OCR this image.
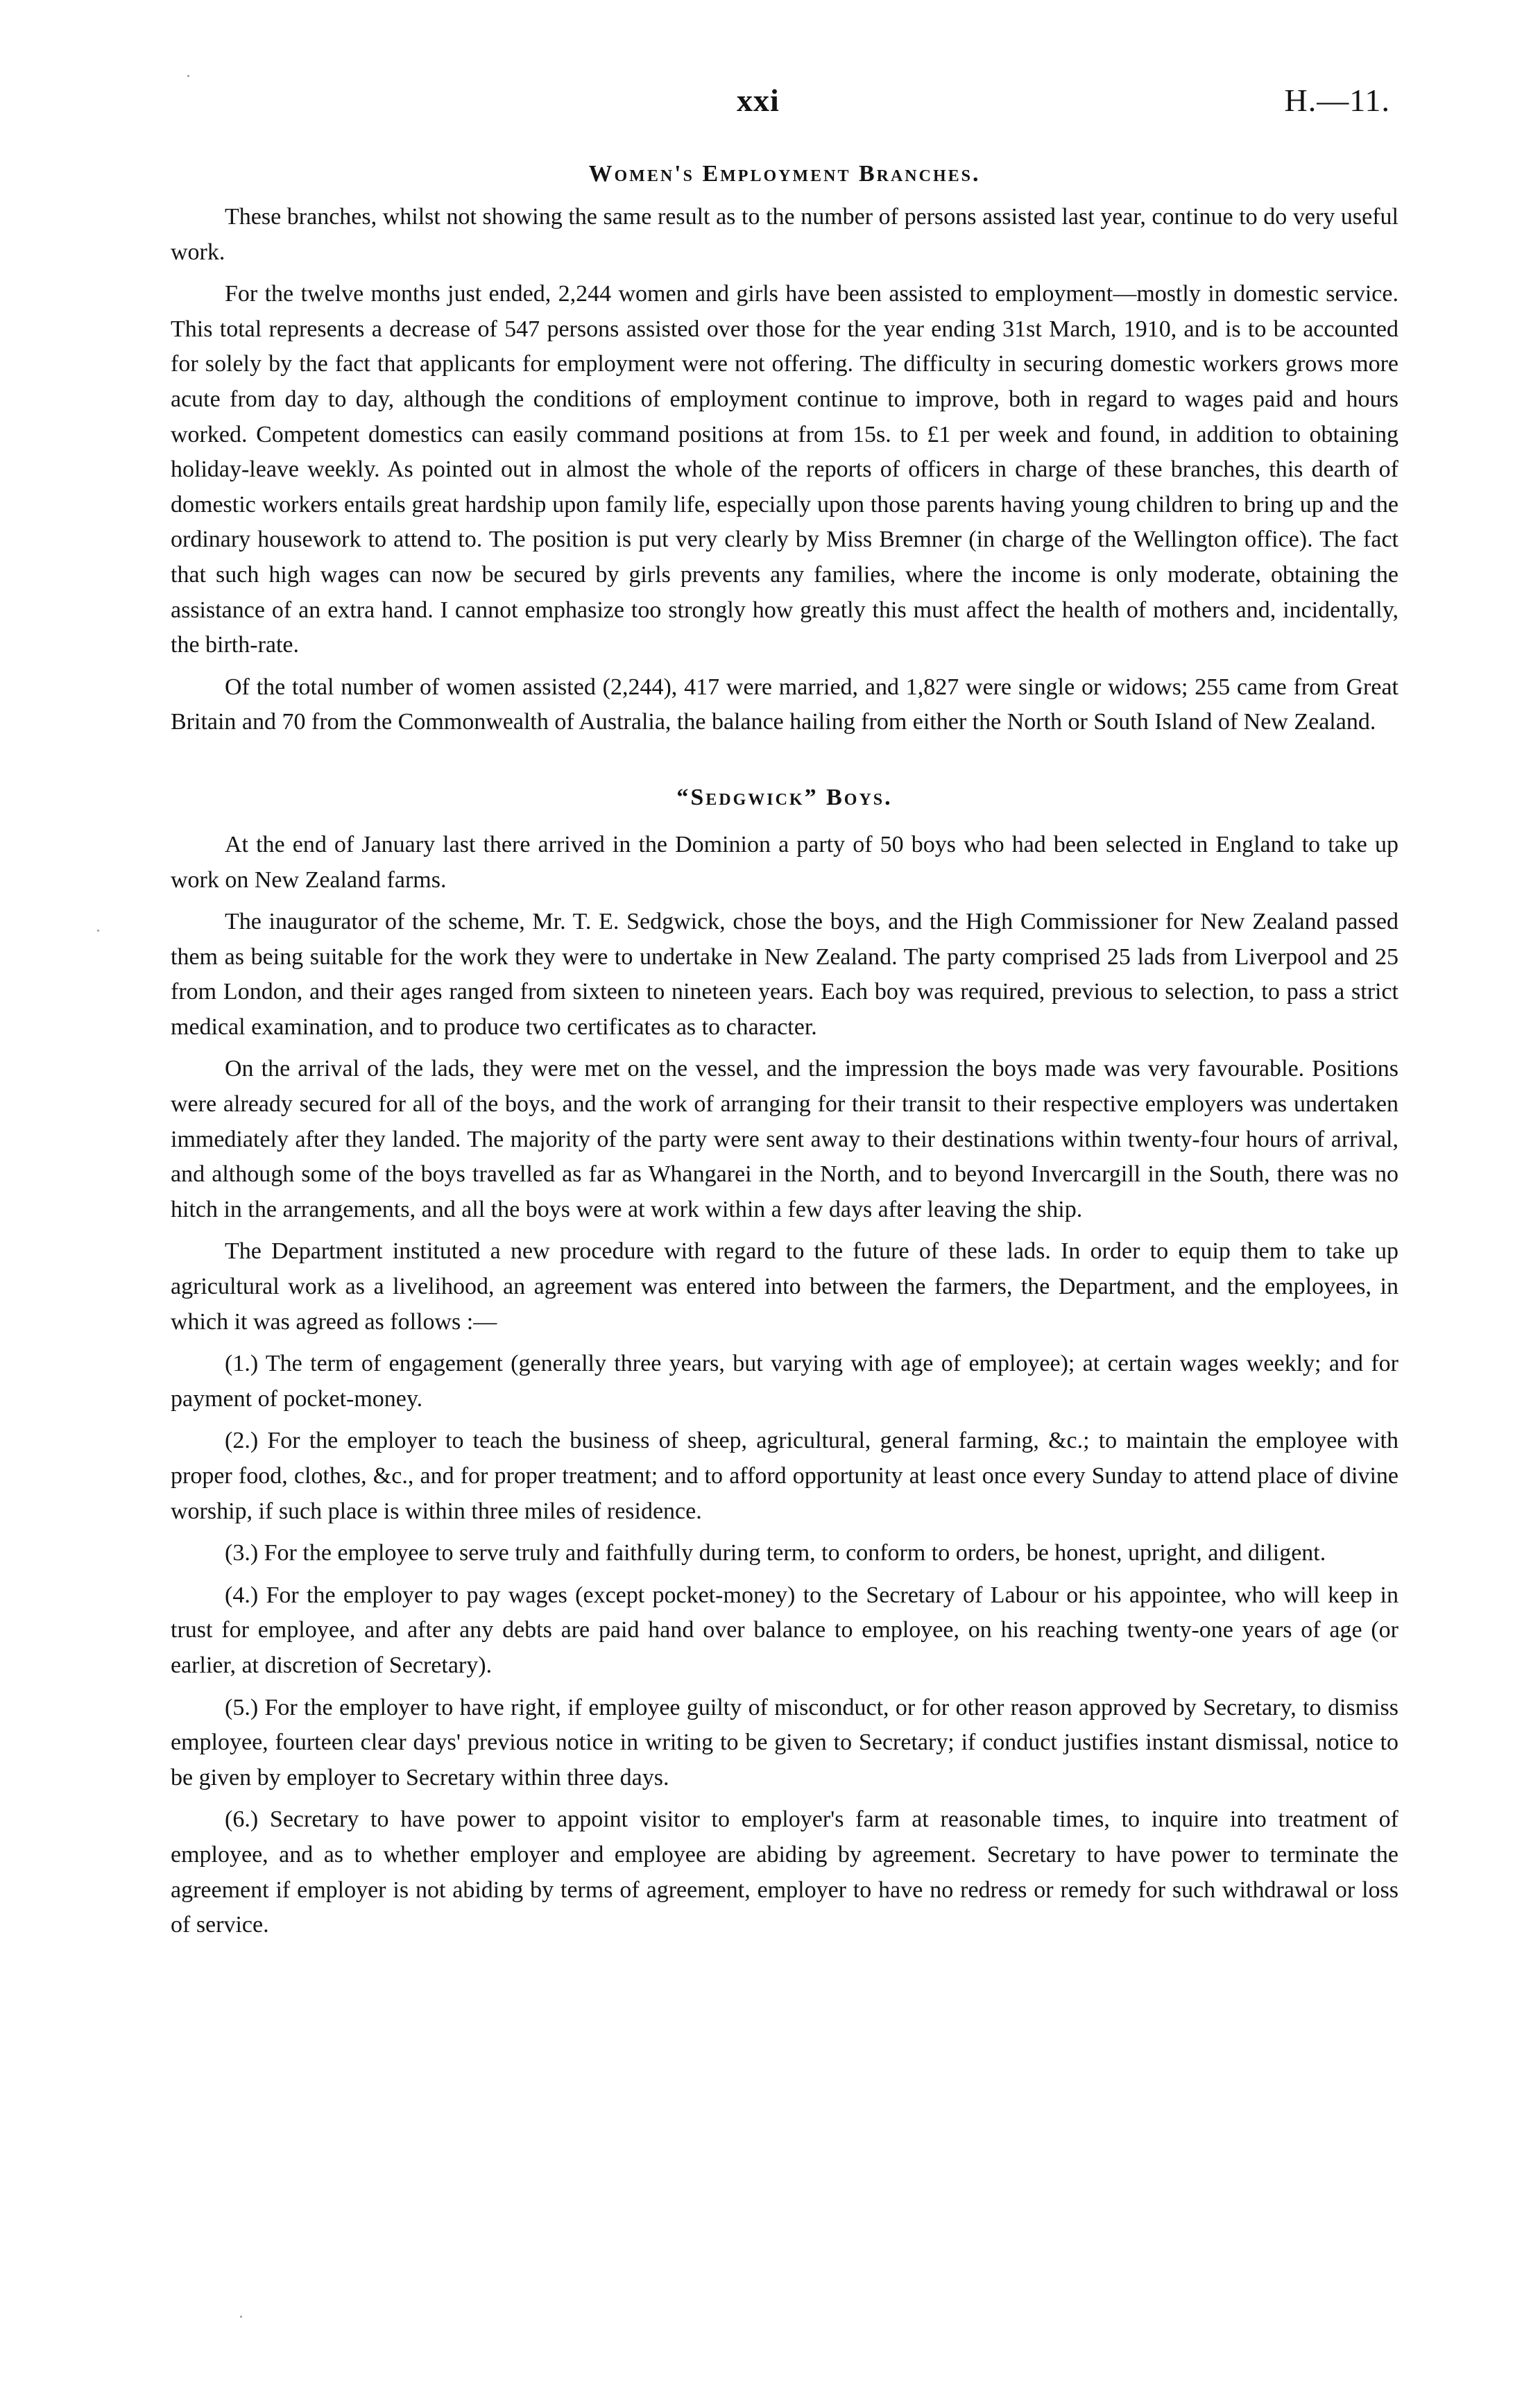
xxi	H.—11.
Women's Employment Branches.

These branches, whilst not showing the same result as to the number of persons assisted last year, continue to do very useful work.

For the twelve months just ended, 2,244 women and girls have been assisted to employment—mostly in domestic service. This total represents a decrease of 547 persons assisted over those for the year ending 31st March, 1910, and is to be accounted for solely by the fact that applicants for employment were not offering. The difficulty in securing domestic workers grows more acute from day to day, although the conditions of employment continue to improve, both in regard to wages paid and hours worked. Competent domestics can easily command positions at from 15s. to £1 per week and found, in addition to obtaining holiday-leave weekly. As pointed out in almost the whole of the reports of officers in charge of these branches, this dearth of domestic workers entails great hardship upon family life, especially upon those parents having young children to bring up and the ordinary housework to attend to. The position is put very clearly by Miss Bremner (in charge of the Wellington office). The fact that such high wages can now be secured by girls prevents any families, where the income is only moderate, obtaining the assistance of an extra hand. I cannot emphasize too strongly how greatly this must affect the health of mothers and, incidentally, the birth-rate.

Of the total number of women assisted (2,244), 417 were married, and 1,827 were single or widows; 255 came from Great Britain and 70 from the Commonwealth of Australia, the balance hailing from either the North or South Island of New Zealand.

“Sedgwick” Boys.

At the end of January last there arrived in the Dominion a party of 50 boys who had been selected in England to take up work on New Zealand farms.

The inaugurator of the scheme, Mr. T. E. Sedgwick, chose the boys, and the High Commissioner for New Zealand passed them as being suitable for the work they were to undertake in New Zealand. The party comprised 25 lads from Liverpool and 25 from London, and their ages ranged from sixteen to nineteen years. Each boy was required, previous to selection, to pass a strict medical examination, and to produce two certificates as to character.

On the arrival of the lads, they were met on the vessel, and the impression the boys made was very favourable. Positions were already secured for all of the boys, and the work of arranging for their transit to their respective employers was undertaken immediately after they landed. The majority of the party were sent away to their destinations within twenty-four hours of arrival, and although some of the boys travelled as far as Whangarei in the North, and to beyond Invercargill in the South, there was no hitch in the arrangements, and all the boys were at work within a few days after leaving the ship.

The Department instituted a new procedure with regard to the future of these lads. In order to equip them to take up agricultural work as a livelihood, an agreement was entered into between the farmers, the Department, and the employees, in which it was agreed as follows :—

(1.) The term of engagement (generally three years, but varying with age of employee); at certain wages weekly; and for payment of pocket-money.

(2.) For the employer to teach the business of sheep, agricultural, general farming, &c.; to maintain the employee with proper food, clothes, &c., and for proper treatment; and to afford opportunity at least once every Sunday to attend place of divine worship, if such place is within three miles of residence.

(3.) For the employee to serve truly and faithfully during term, to conform to orders, be honest, upright, and diligent.

(4.) For the employer to pay wages (except pocket-money) to the Secretary of Labour or his appointee, who will keep in trust for employee, and after any debts are paid hand over balance to employee, on his reaching twenty-one years of age (or earlier, at discretion of Secretary).

(5.) For the employer to have right, if employee guilty of misconduct, or for other reason approved by Secretary, to dismiss employee, fourteen clear days' previous notice in writing to be given to Secretary; if conduct justifies instant dismissal, notice to be given by employer to Secretary within three days.

(6.) Secretary to have power to appoint visitor to employer's farm at reasonable times, to inquire into treatment of employee, and as to whether employer and employee are abiding by agreement. Secretary to have power to terminate the agreement if employer is not abiding by terms of agreement, employer to have no redress or remedy for such withdrawal or loss of service.
